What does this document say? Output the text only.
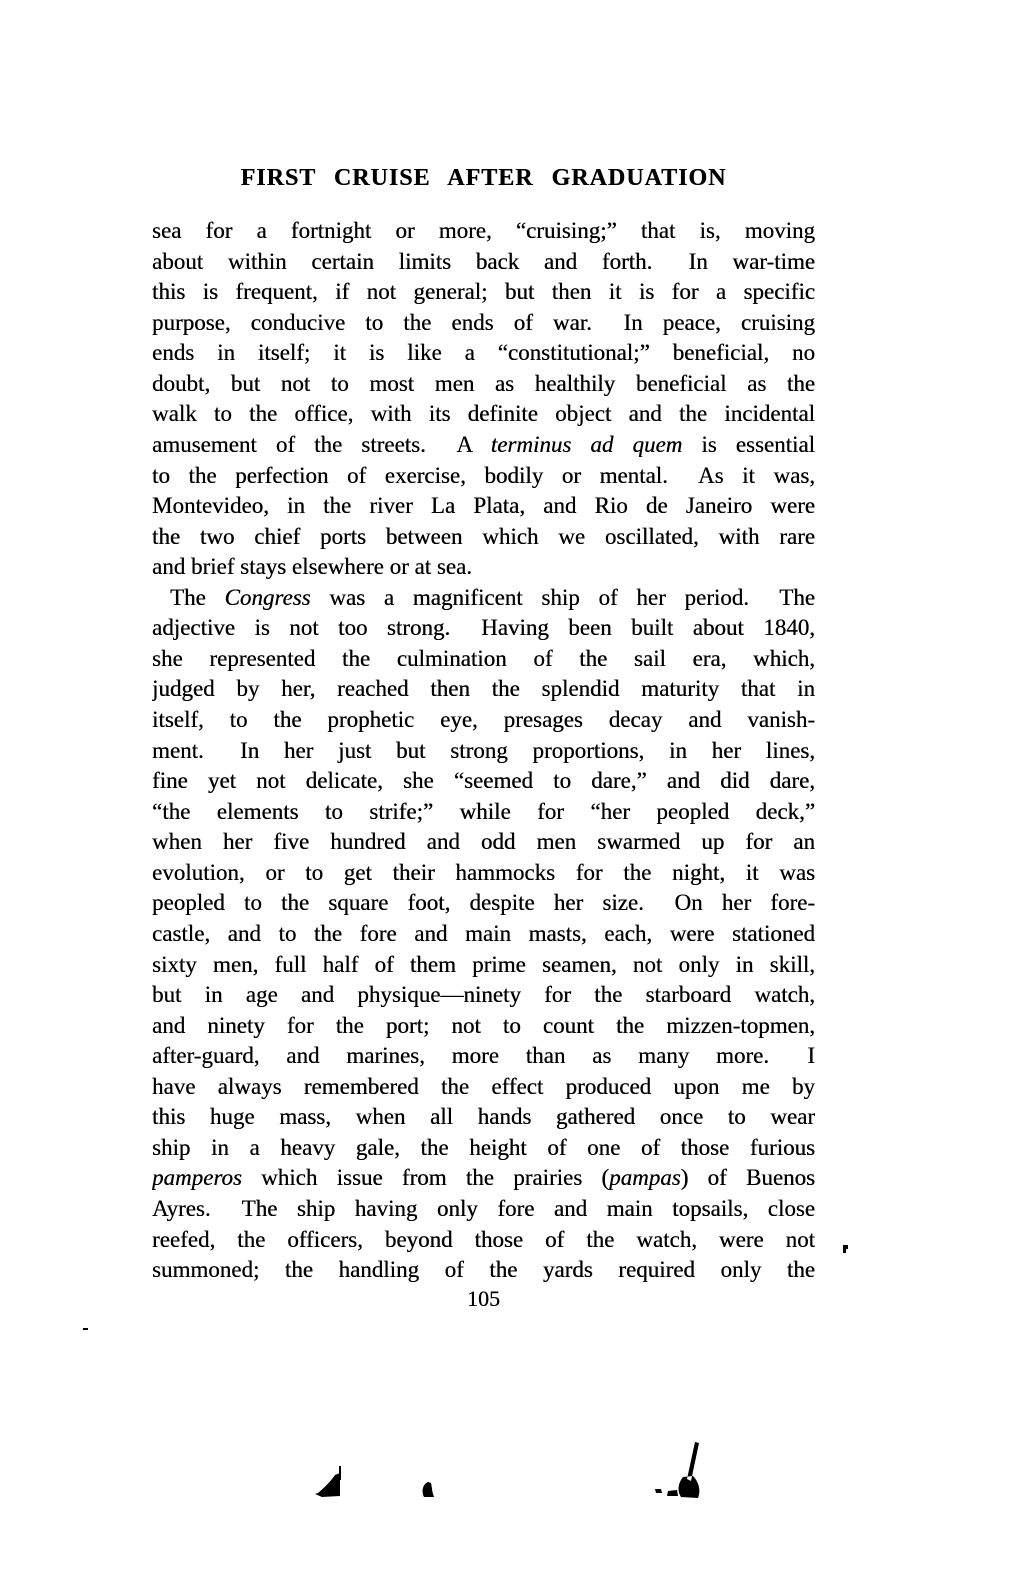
FIRST CRUISE AFTER GRADUATION
sea for a fortnight or more, “cruising;” that is, moving
about within certain limits back and forth.  In war-time
this is frequent, if not general; but then it is for a specific
purpose, conducive to the ends of war.  In peace, cruising
ends in itself; it is like a “constitutional;” beneficial, no
doubt, but not to most men as healthily beneficial as the
walk to the office, with its definite object and the incidental
amusement of the streets.  A terminus ad quem is essential
to the perfection of exercise, bodily or mental.  As it was,
Montevideo, in the river La Plata, and Rio de Janeiro were
the two chief ports between which we oscillated, with rare
and brief stays elsewhere or at sea.
The Congress was a magnificent ship of her period.  The
adjective is not too strong.  Having been built about 1840,
she represented the culmination of the sail era, which,
judged by her, reached then the splendid maturity that in
itself, to the prophetic eye, presages decay and vanish-
ment.  In her just but strong proportions, in her lines,
fine yet not delicate, she “seemed to dare,” and did dare,
“the elements to strife;” while for “her peopled deck,”
when her five hundred and odd men swarmed up for an
evolution, or to get their hammocks for the night, it was
peopled to the square foot, despite her size.  On her fore-
castle, and to the fore and main masts, each, were stationed
sixty men, full half of them prime seamen, not only in skill,
but in age and physique—ninety for the starboard watch,
and ninety for the port; not to count the mizzen-topmen,
after-guard, and marines, more than as many more.  I
have always remembered the effect produced upon me by
this huge mass, when all hands gathered once to wear
ship in a heavy gale, the height of one of those furious
pamperos which issue from the prairies (pampas) of Buenos
Ayres.  The ship having only fore and main topsails, close
reefed, the officers, beyond those of the watch, were not
summoned; the handling of the yards required only the
105
